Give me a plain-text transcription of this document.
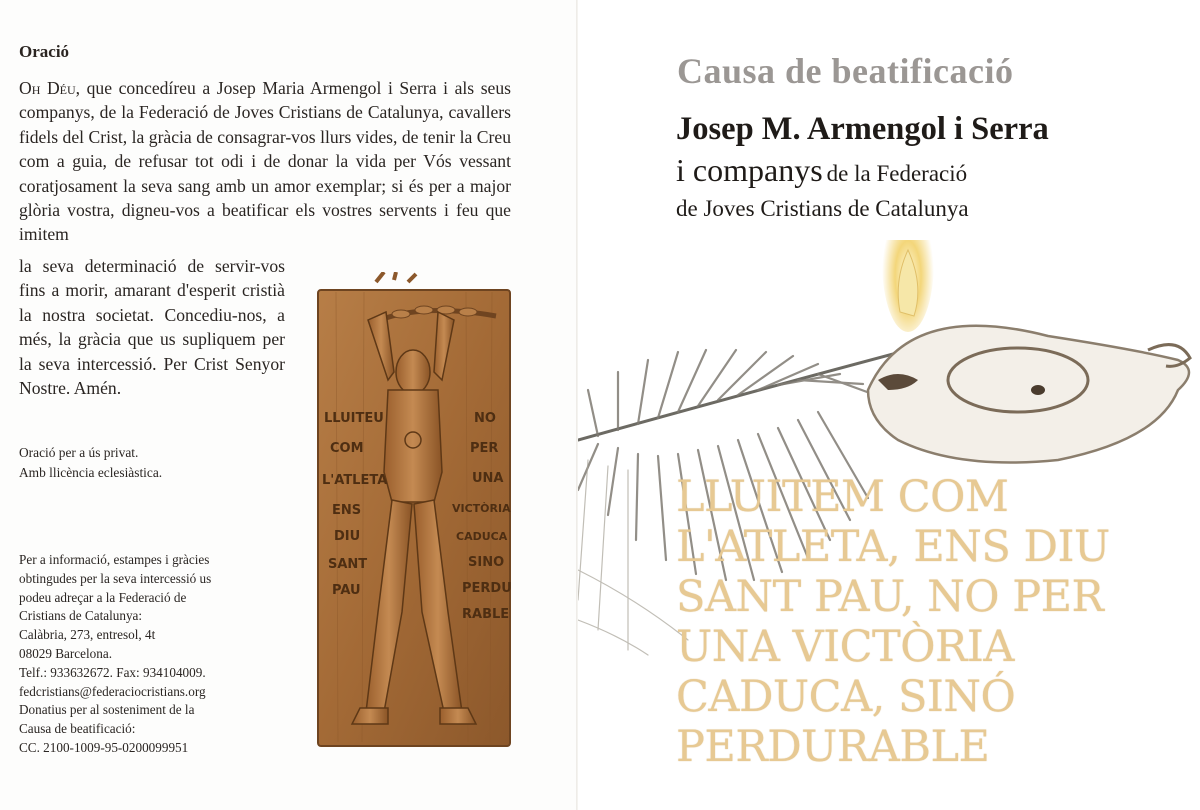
Oració

Oh Déu, que concedíreu a Josep Maria Armengol i Serra i als seus companys, de la Federació de Joves Cristians de Catalunya, cavallers fidels del Crist, la gràcia de consagrar-vos llurs vides, de tenir la Creu com a guia, de refusar tot odi i de donar la vida per Vós vessant coratjosament la seva sang amb un amor exemplar; si és per a major glòria vostra, digneu-vos a beatificar els vostres servents i feu que imitem

la seva determinació de servir-vos fins a morir, amarant d'esperit cristià la nostra societat. Concediu-nos, a més, la gràcia que us supliquem per la seva intercessió. Per Crist Senyor Nostre. Amén.

Oració per a ús privat.
Amb llicència eclesiàstica.
Per a informació, estampes i gràcies
obtingudes per la seva intercessió us
podeu adreçar a la Federació de
Cristians de Catalunya:
Calàbria, 273, entresol, 4t
08029 Barcelona.
Telf.: 933632672. Fax: 934104009.
fedcristians@federaciocristians.org
Donatius per al sosteniment de la
Causa de beatificació:
CC. 2100-1009-95-0200099951
LLUITEU
COM
L'ATLETA
ENS
DIU
SANT
PAU
NO
PER
UNA
VICTÒRIA
CADUCA
SINO
PERDU
RABLE
Causa de beatificació
Josep M. Armengol i Serra
i companys de la Federació
de Joves Cristians de Catalunya
LLUITEM COM
L'ATLETA, ENS DIU
SANT PAU, NO PER
UNA VICTÒRIA
CADUCA, SINÓ
PERDURABLE
